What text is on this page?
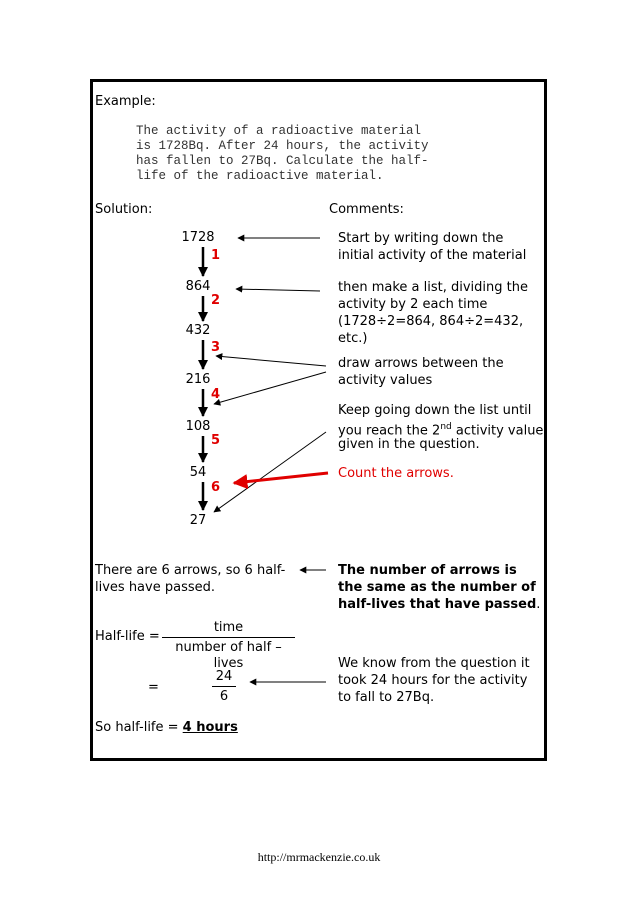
Example:
The activity of a radioactive material
is 1728Bq. After 24 hours, the activity
has fallen to 27Bq. Calculate the half-
life of the radioactive material.
Solution:	Comments:
1728
864
432
216
108
54
27
1
2
3
4
5
6
Start by writing down the
initial activity of the material
then make a list, dividing the
activity by 2 each time
(1728÷2=864, 864÷2=432,
etc.)
draw arrows between the
activity values
Keep going down the list until
you reach the 2nd activity value
given in the question.
Count the arrows.
The number of arrows is
the same as the number of
half-lives that have passed.
We know from the question it
took 24 hours for the activity
to fall to 27Bq.
There are 6 arrows, so 6 half-
lives have passed.
Half-life =
time
number of half – lives
=	$\frac{24}{6}$
So half-life = 4 hours
http://mrmackenzie.co.uk
